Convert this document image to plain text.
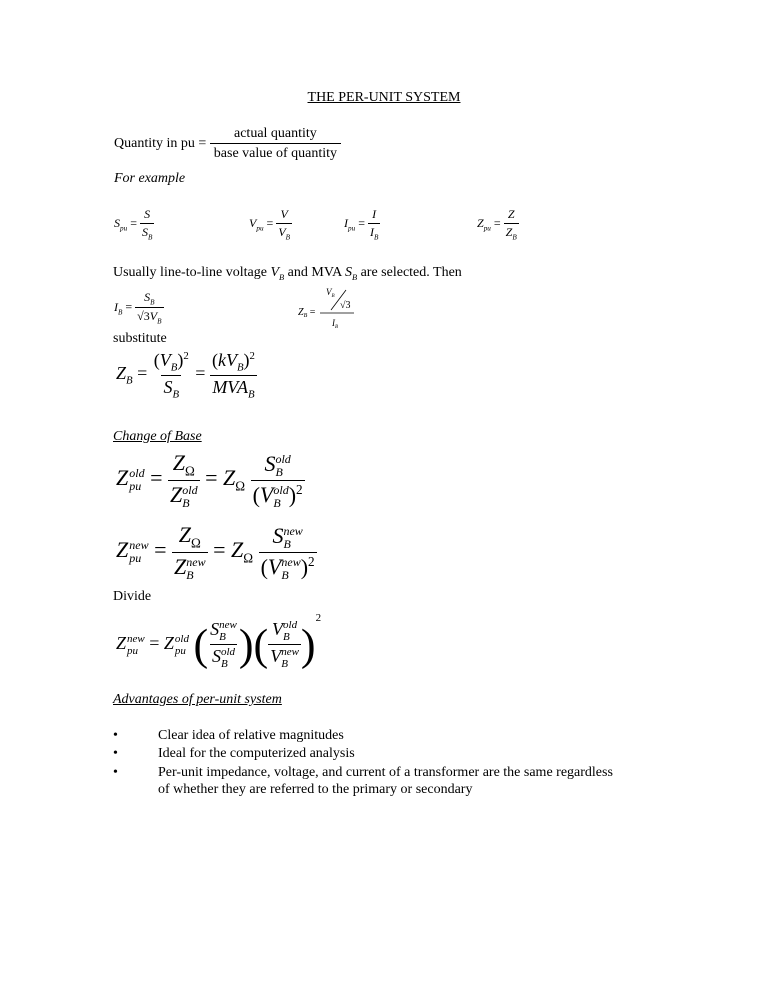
THE PER-UNIT SYSTEM
Quantity in pu = $\frac{\text{actual quantity}}{\text{base value of quantity}}$
For example
$S_{pu} = \frac{S}{S_B}$	$V_{pu} = \frac{V}{V_B}$	$I_{pu} = \frac{I}{I_B}$	$Z_{pu} = \frac{Z}{Z_B}$
Usually line-to-line voltage $V_B$ and MVA $S_B$ are selected. Then
$I_B = \frac{S_B}{√3V_B}$	$Z_B$ =
$V_B$
√3
$I_B$
substitute
$Z_B = \frac{(V_B)^2}{S_B} = \frac{(kV_B)^2}{MVA_B}$
Change of Base
Z old
pu = $Z_\Omega$
Z old
$B = Z_\Omega$ S old
B
(V old
B )$^2$
Z new
pu = $Z_\Omega$
Z new
$B = Z_\Omega$ S new
B
(V new
B )$^2$
Divide
Z new
pu = Z old
pu ( S new
B
S old
B )( V old
B
V new
B )$^2$
Advantages of per-unit system
•	Clear idea of relative magnitudes
•	Ideal for the computerized analysis
•	Per-unit impedance, voltage, and current of a transformer are the same regardless
of whether they are referred to the primary or secondary
